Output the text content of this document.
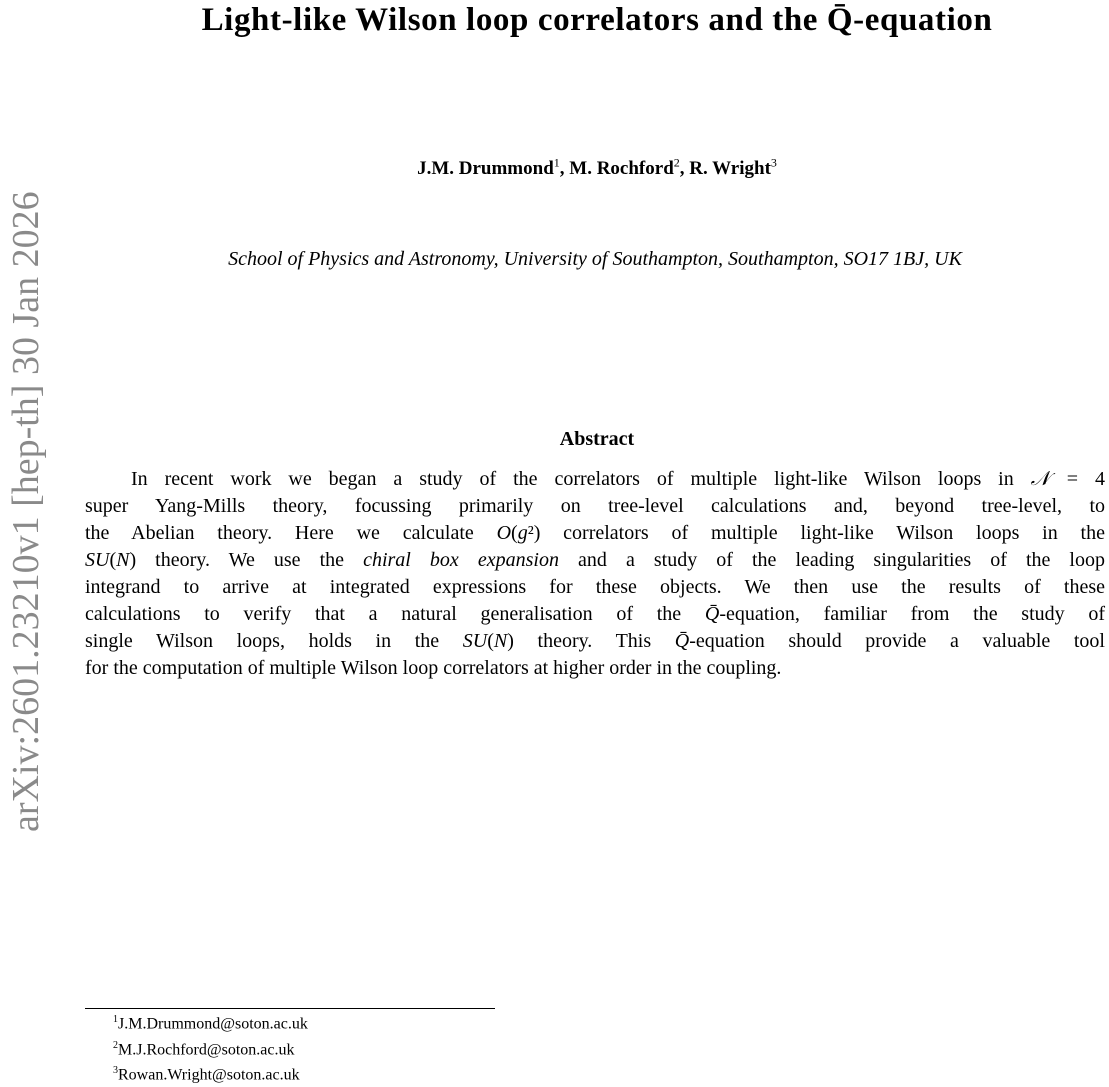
arXiv:2601.23210v1 [hep-th] 30 Jan 2026
Light-like Wilson loop correlators and the Q̄-equation
J.M. Drummond$^1$, M. Rochford$^2$, R. Wright$^3$
School of Physics and Astronomy, University of Southampton, Southampton, SO17 1BJ, UK
Abstract
In recent work we began a study of the correlators of multiple light-like Wilson loops in 𝒩 = 4
super Yang-Mills theory, focussing primarily on tree-level calculations and, beyond tree-level, to
the Abelian theory. Here we calculate O(g²) correlators of multiple light-like Wilson loops in the
SU(N) theory. We use the chiral box expansion and a study of the leading singularities of the loop
integrand to arrive at integrated expressions for these objects. We then use the results of these
calculations to verify that a natural generalisation of the Q̄-equation, familiar from the study of
single Wilson loops, holds in the SU(N) theory. This Q̄-equation should provide a valuable tool
for the computation of multiple Wilson loop correlators at higher order in the coupling.
$^1$J.M.Drummond@soton.ac.uk
$^2$M.J.Rochford@soton.ac.uk
$^3$Rowan.Wright@soton.ac.uk
